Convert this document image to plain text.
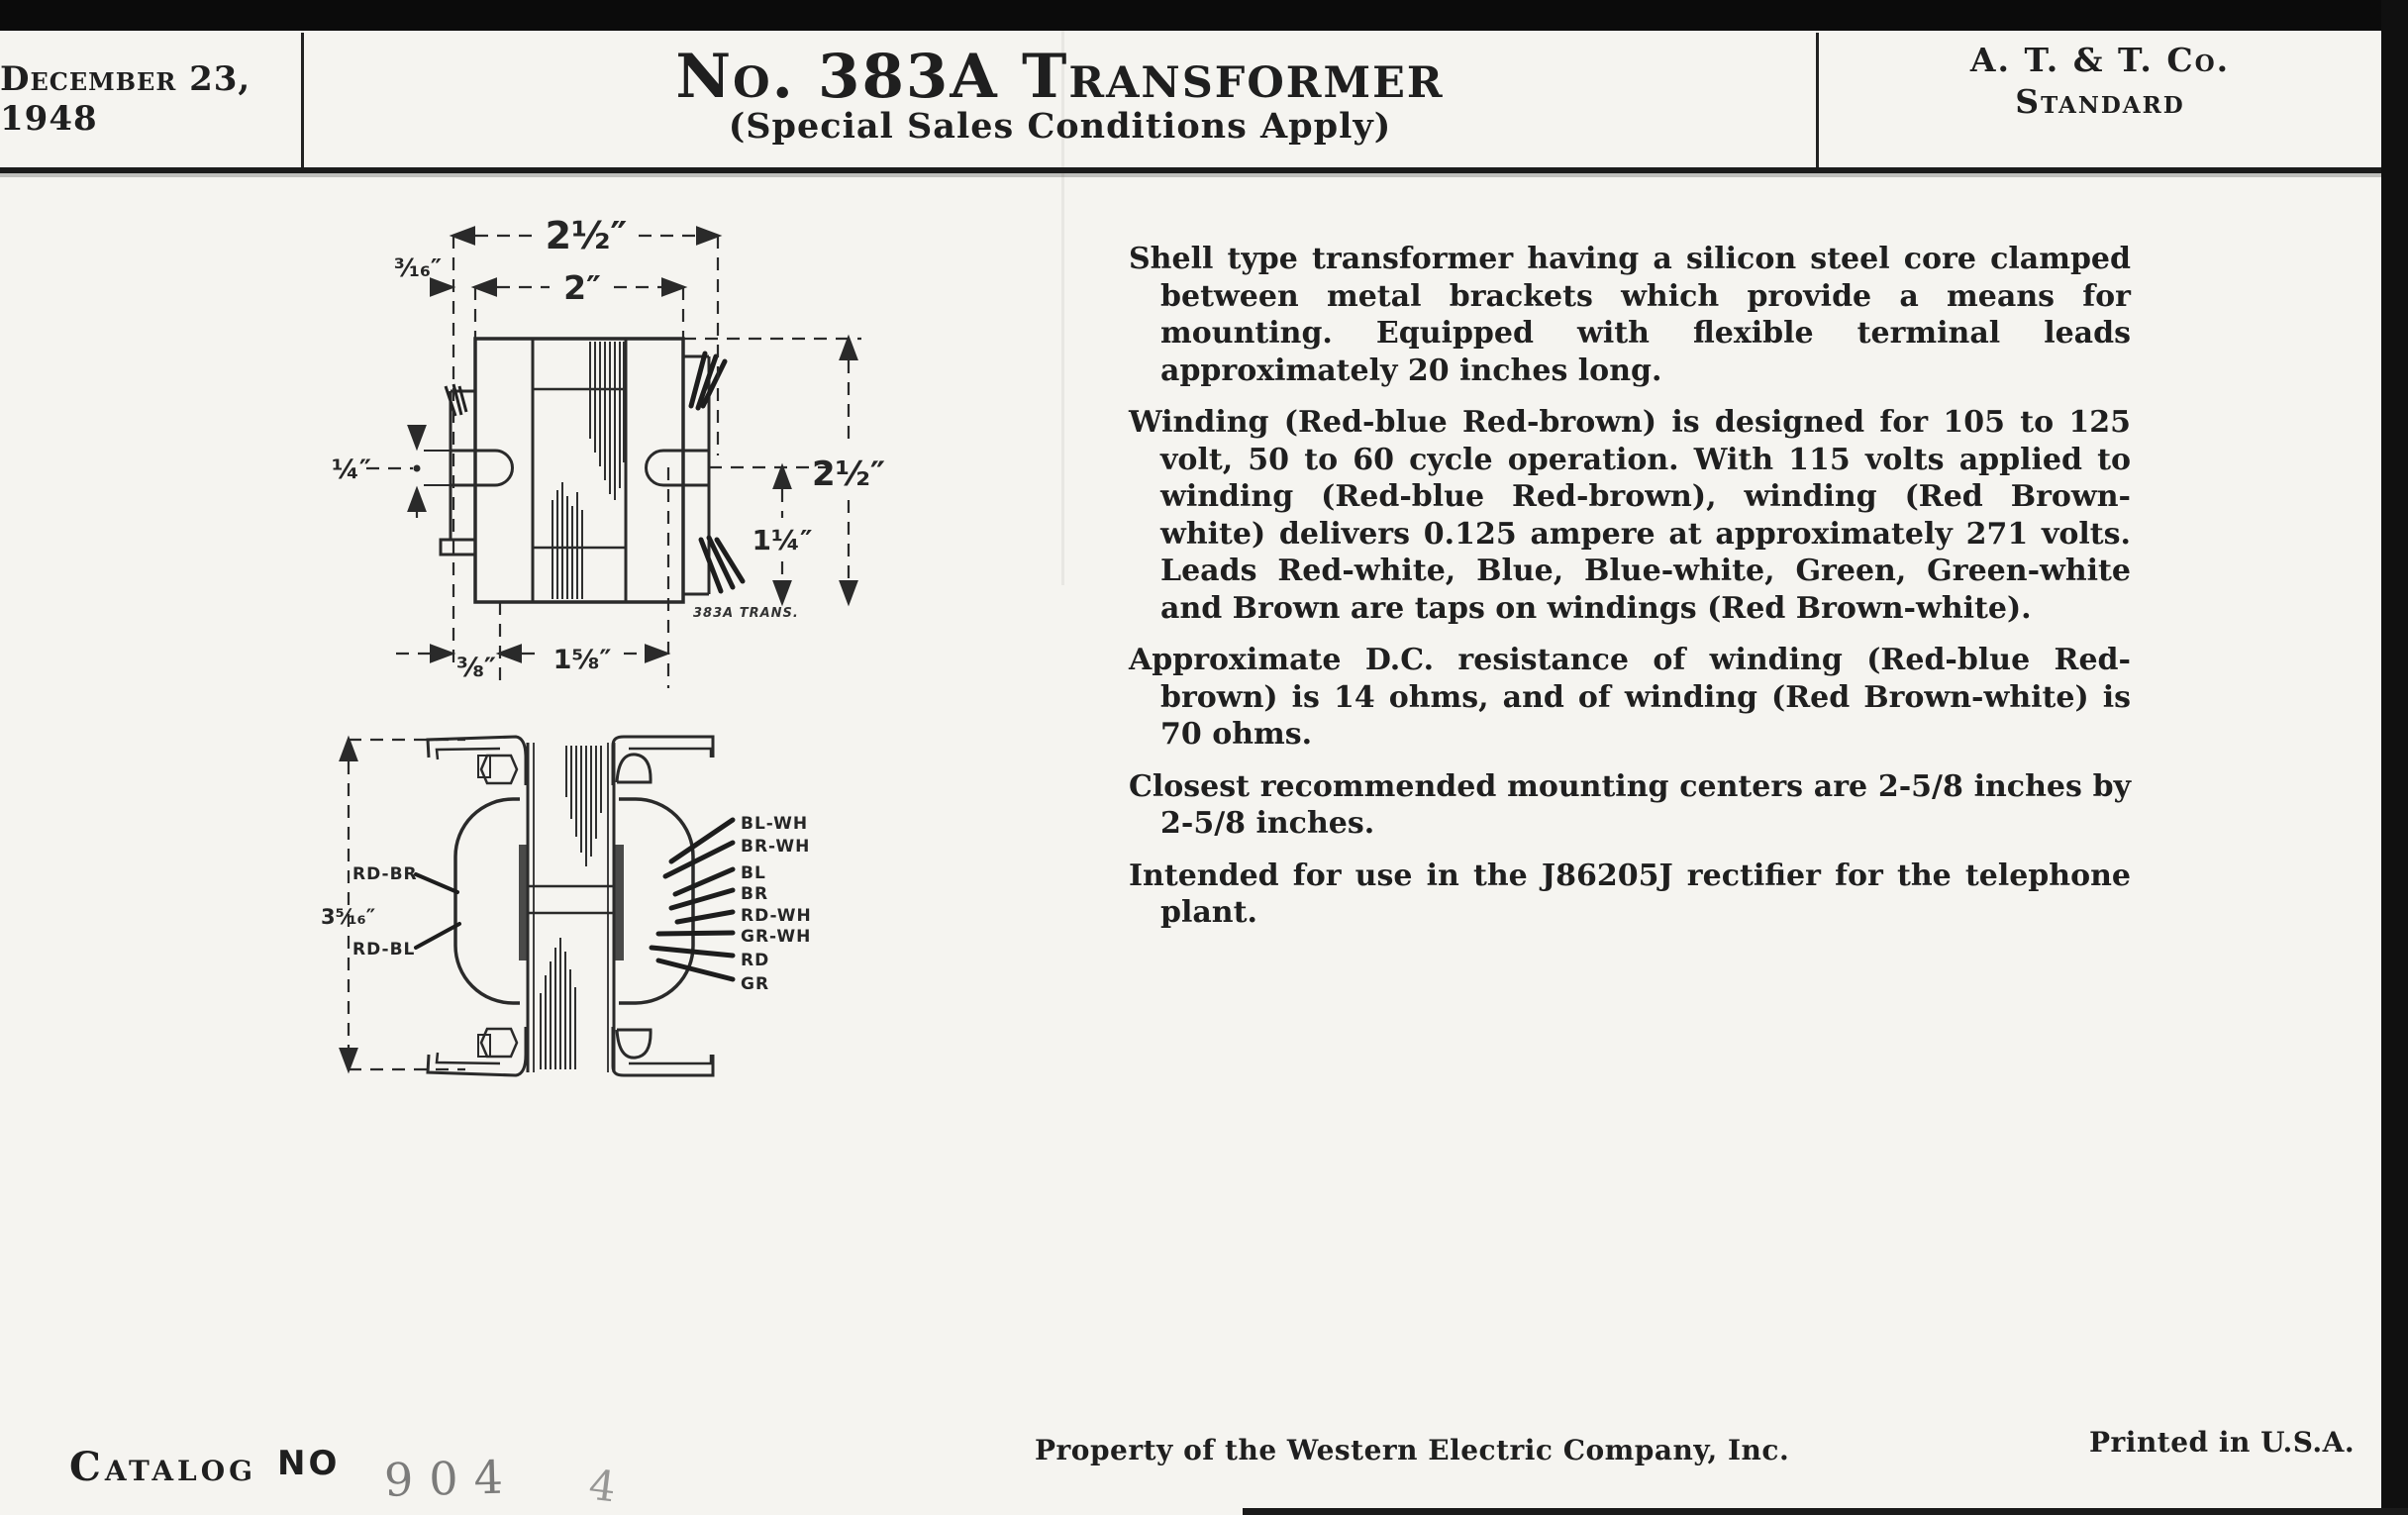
December 23, 1948
No. 383A Transformer
(Special Sales Conditions Apply)
A. T. & T. Co.
Standard
2½″
2″
³⁄₁₆″
¼″	2½″
1¼″
⅜″ 1⅝″
383A TRANS.
3⁵⁄₁₆″
RD-BR
RD-BL
BL-WH
BR-WH
BL
BR
RD-WH
GR-WH
RD
GR

Shell type transformer having a silicon steel core clamped between metal brackets which provide a means for mounting. Equipped with flexible terminal leads approximately 20 inches long.

Winding (Red-blue Red-brown) is designed for 105 to 125 volt, 50 to 60 cycle operation. With 115 volts applied to winding (Red-blue Red-brown), winding (Red Brown-white) delivers 0.125 ampere at approximately 271 volts. Leads Red-white, Blue, Blue-white, Green, Green-white and Brown are taps on windings (Red Brown-white).

Approximate D.C. resistance of winding (Red-blue Red-brown) is 14 ohms, and of winding (Red Brown-white) is 70 ohms.

Closest recommended mounting centers are 2-5/8 inches by 2-5/8 inches.

Intended for use in the J86205J rectifier for the telephone plant.

Catalog NO 904 4
Property of the Western Electric Company, Inc.	Printed in U.S.A.
